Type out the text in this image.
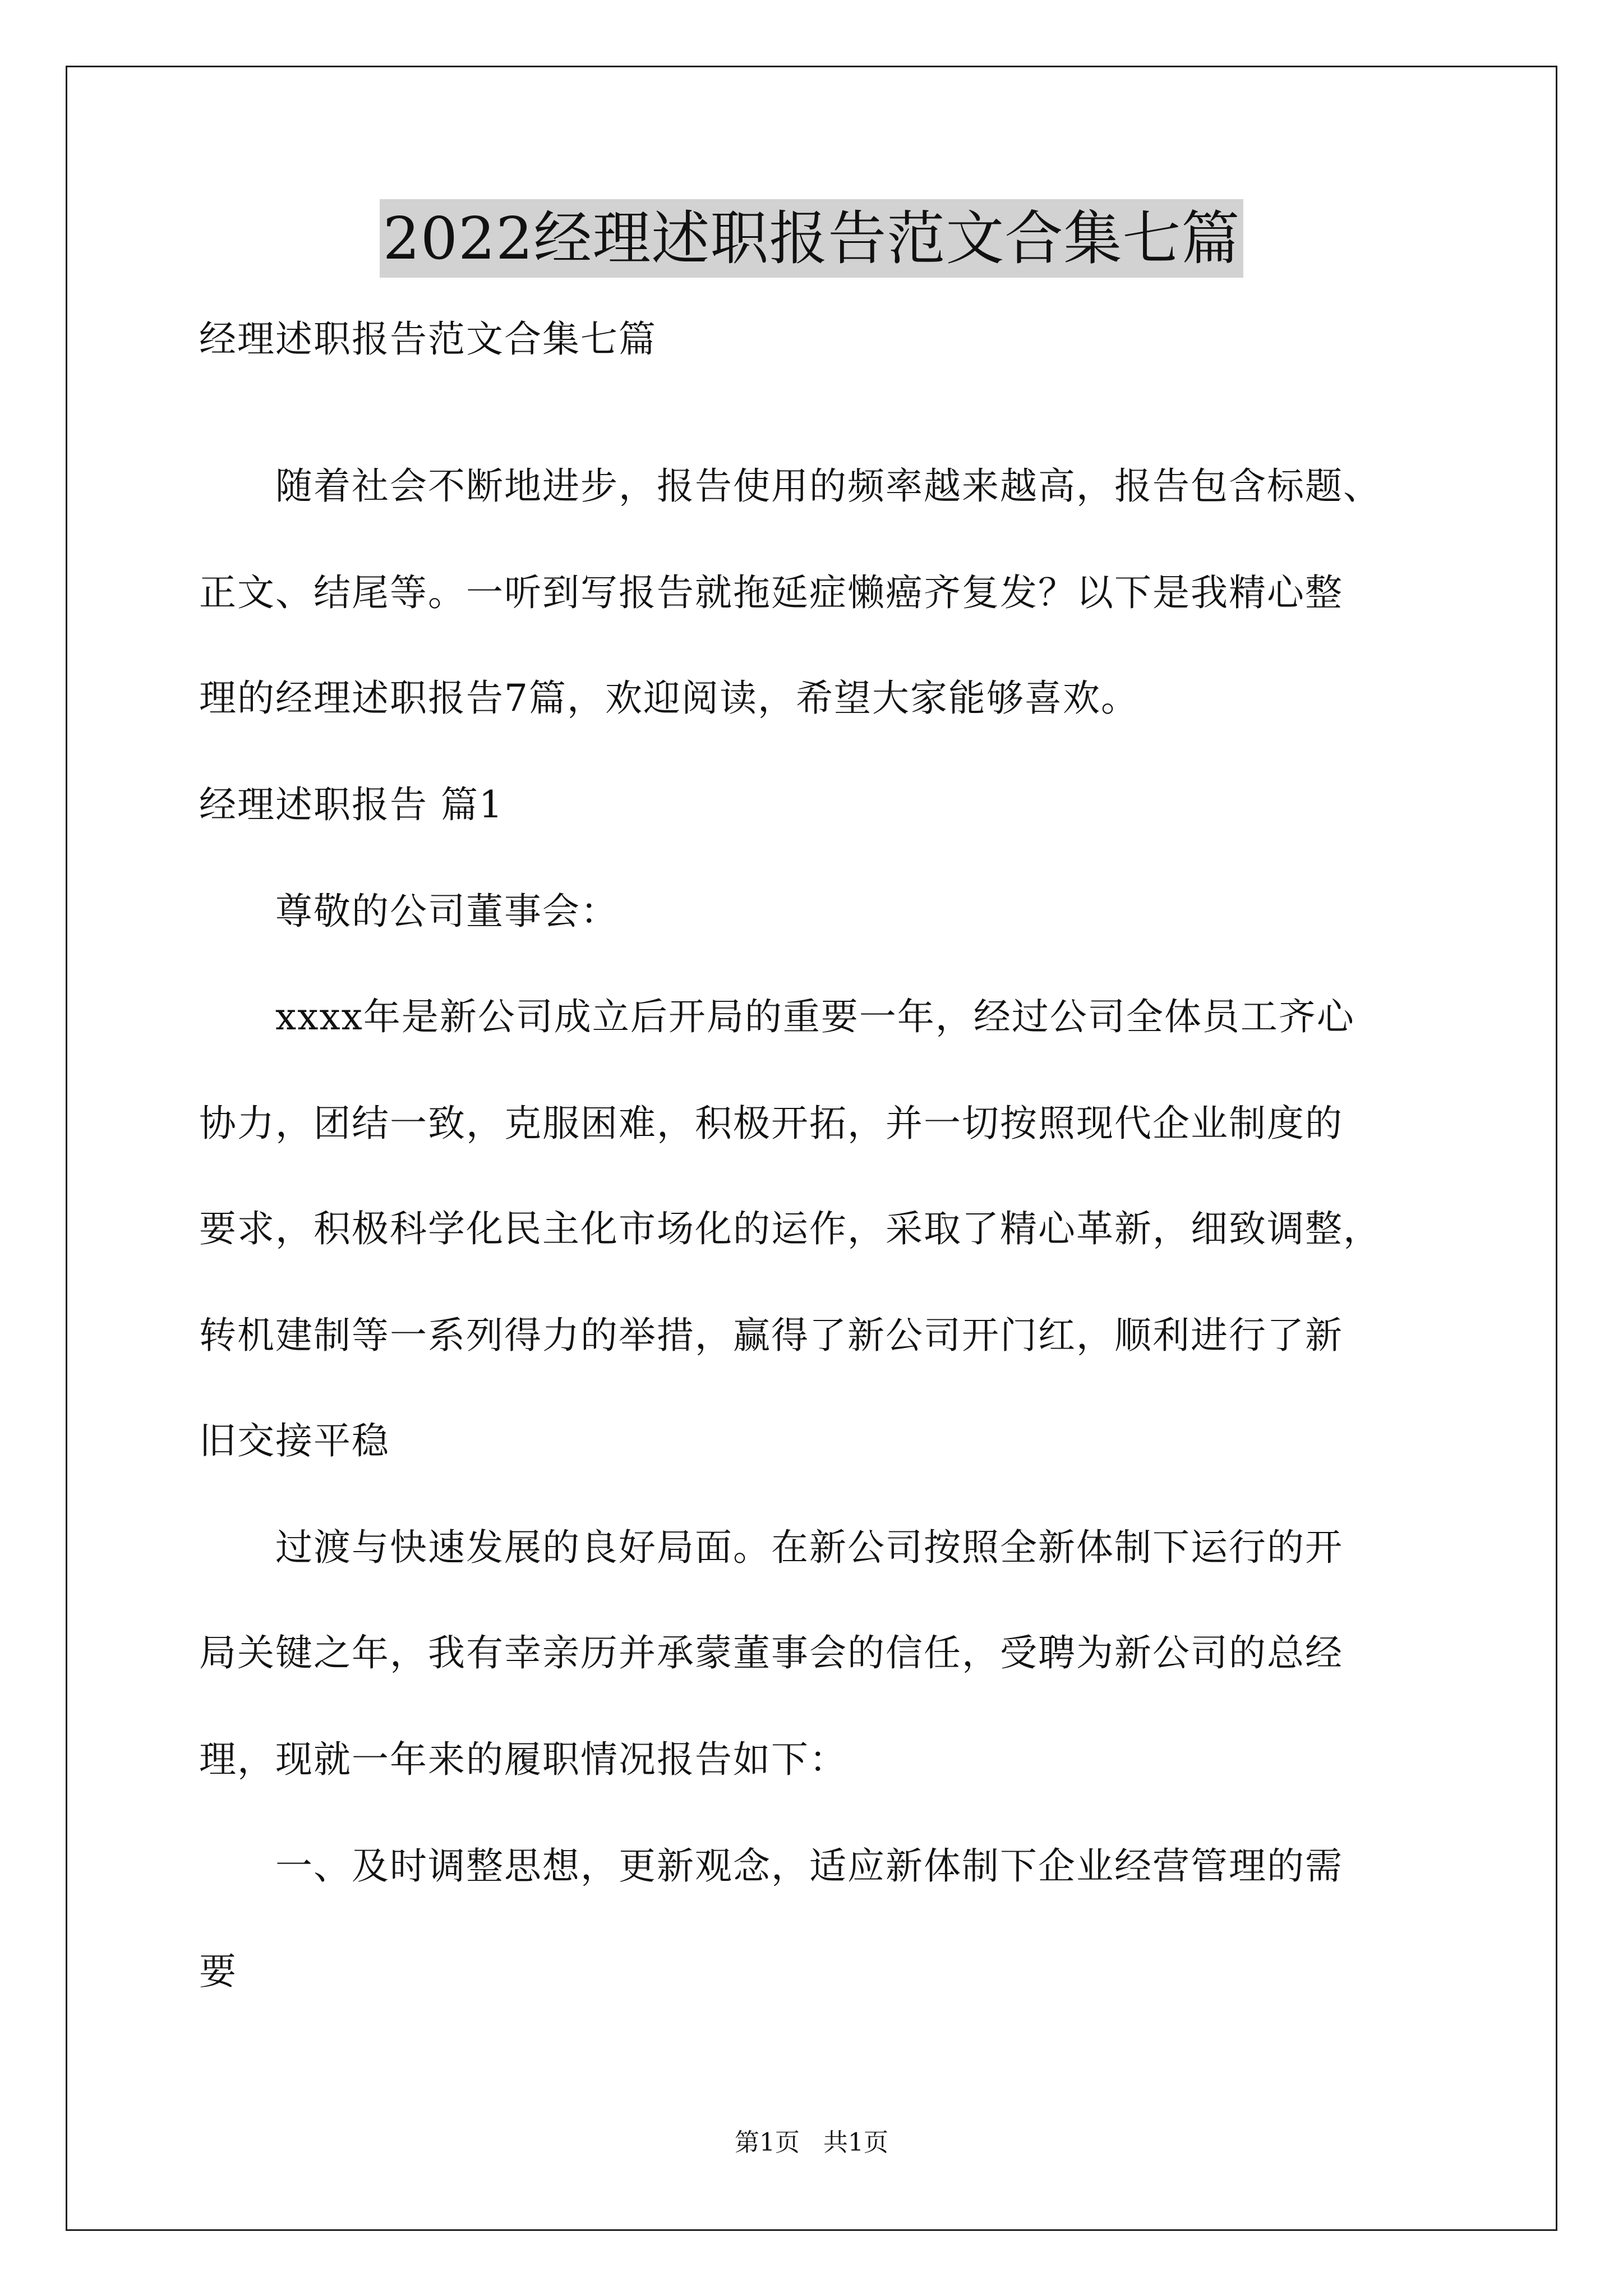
2022经理述职报告范文合集七篇
经理述职报告范文合集七篇
　　随着社会不断地进步，报告使用的频率越来越高，报告包含标题、
正文、结尾等。一听到写报告就拖延症懒癌齐复发？以下是我精心整
理的经理述职报告7篇，欢迎阅读，希望大家能够喜欢。
经理述职报告 篇1
　　尊敬的公司董事会：
　　xxxx年是新公司成立后开局的重要一年，经过公司全体员工齐心
协力，团结一致，克服困难，积极开拓，并一切按照现代企业制度的
要求，积极科学化民主化市场化的运作，采取了精心革新，细致调整，
转机建制等一系列得力的举措，赢得了新公司开门红，顺利进行了新
旧交接平稳
　　过渡与快速发展的良好局面。在新公司按照全新体制下运行的开
局关键之年，我有幸亲历并承蒙董事会的信任，受聘为新公司的总经
理，现就一年来的履职情况报告如下：
　　一、及时调整思想，更新观念，适应新体制下企业经营管理的需
要
第1页   共1页
